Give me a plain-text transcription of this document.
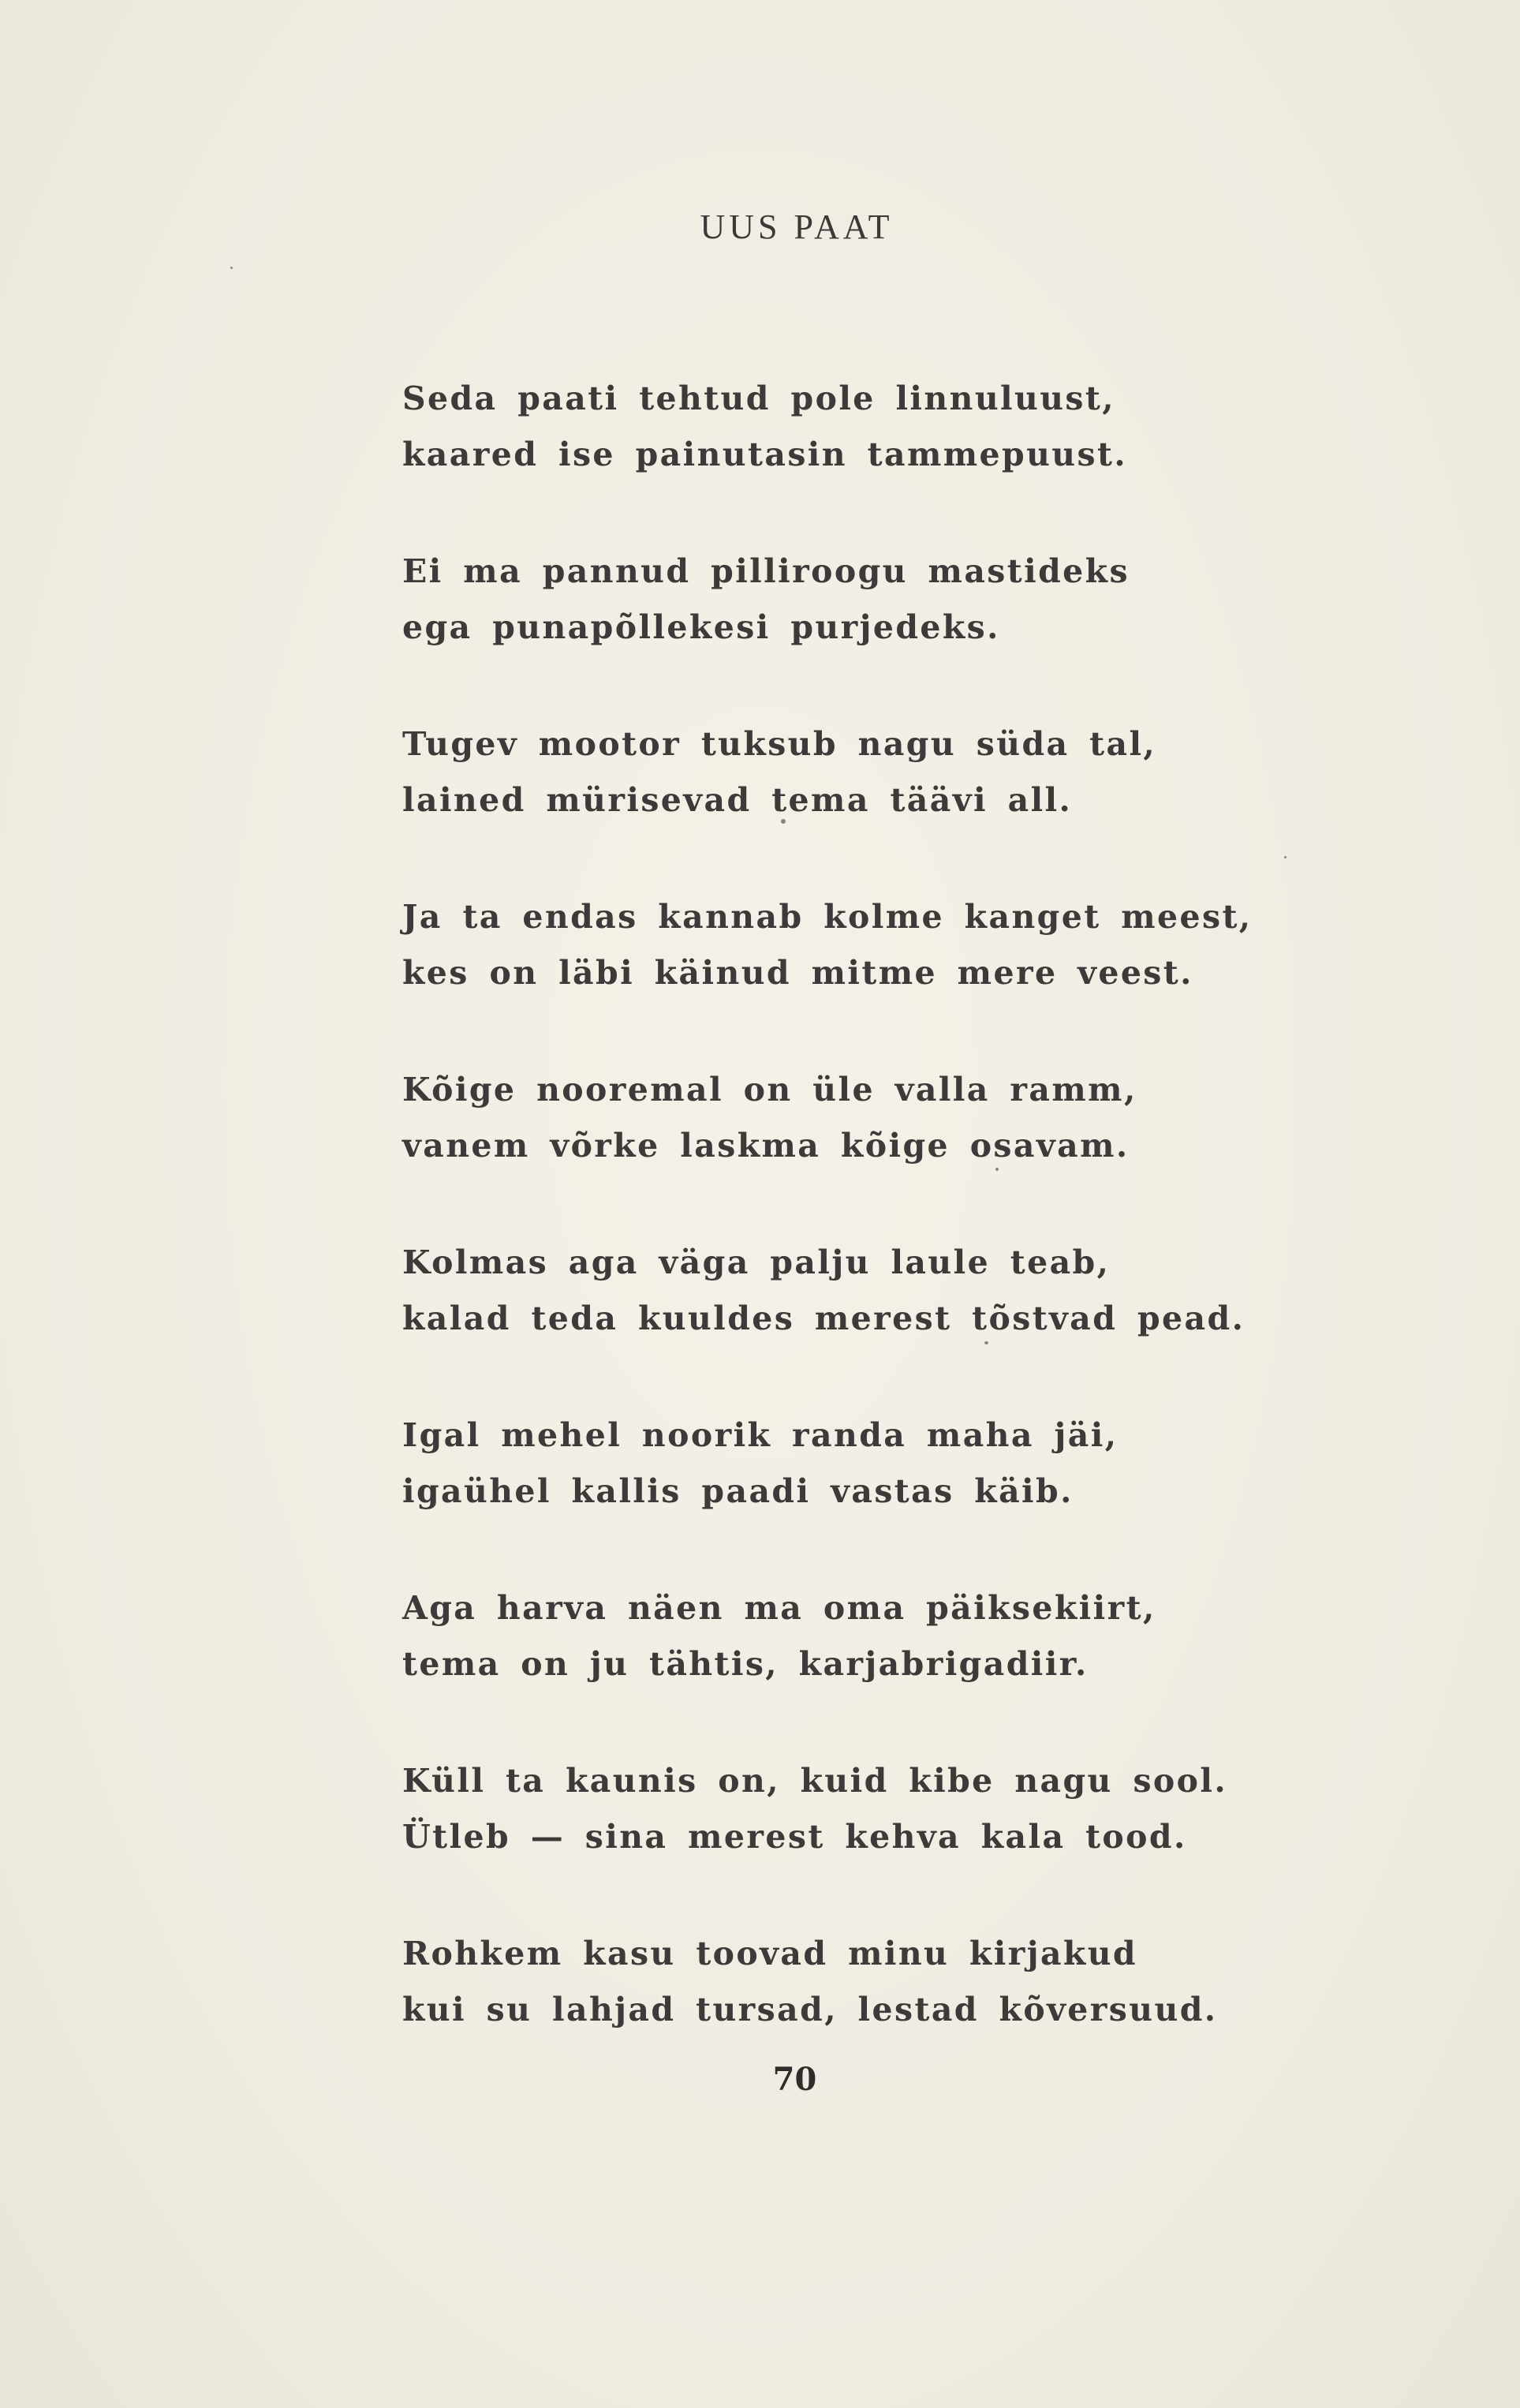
UUS PAAT
Seda paati tehtud pole linnuluust,
kaared ise painutasin tammepuust.
Ei ma pannud pilliroogu mastideks
ega punapõllekesi purjedeks.
Tugev mootor tuksub nagu süda tal,
lained mürisevad tema täävi all.
Ja ta endas kannab kolme kanget meest,
kes on läbi käinud mitme mere veest.
Kõige nooremal on üle valla ramm,
vanem võrke laskma kõige osavam.
Kolmas aga väga palju laule teab,
kalad teda kuuldes merest tõstvad pead.
Igal mehel noorik randa maha jäi,
igaühel kallis paadi vastas käib.
Aga harva näen ma oma päiksekiirt,
tema on ju tähtis, karjabrigadiir.
Küll ta kaunis on, kuid kibe nagu sool.
Ütleb — sina merest kehva kala tood.
Rohkem kasu toovad minu kirjakud
kui su lahjad tursad, lestad kõversuud.
70
